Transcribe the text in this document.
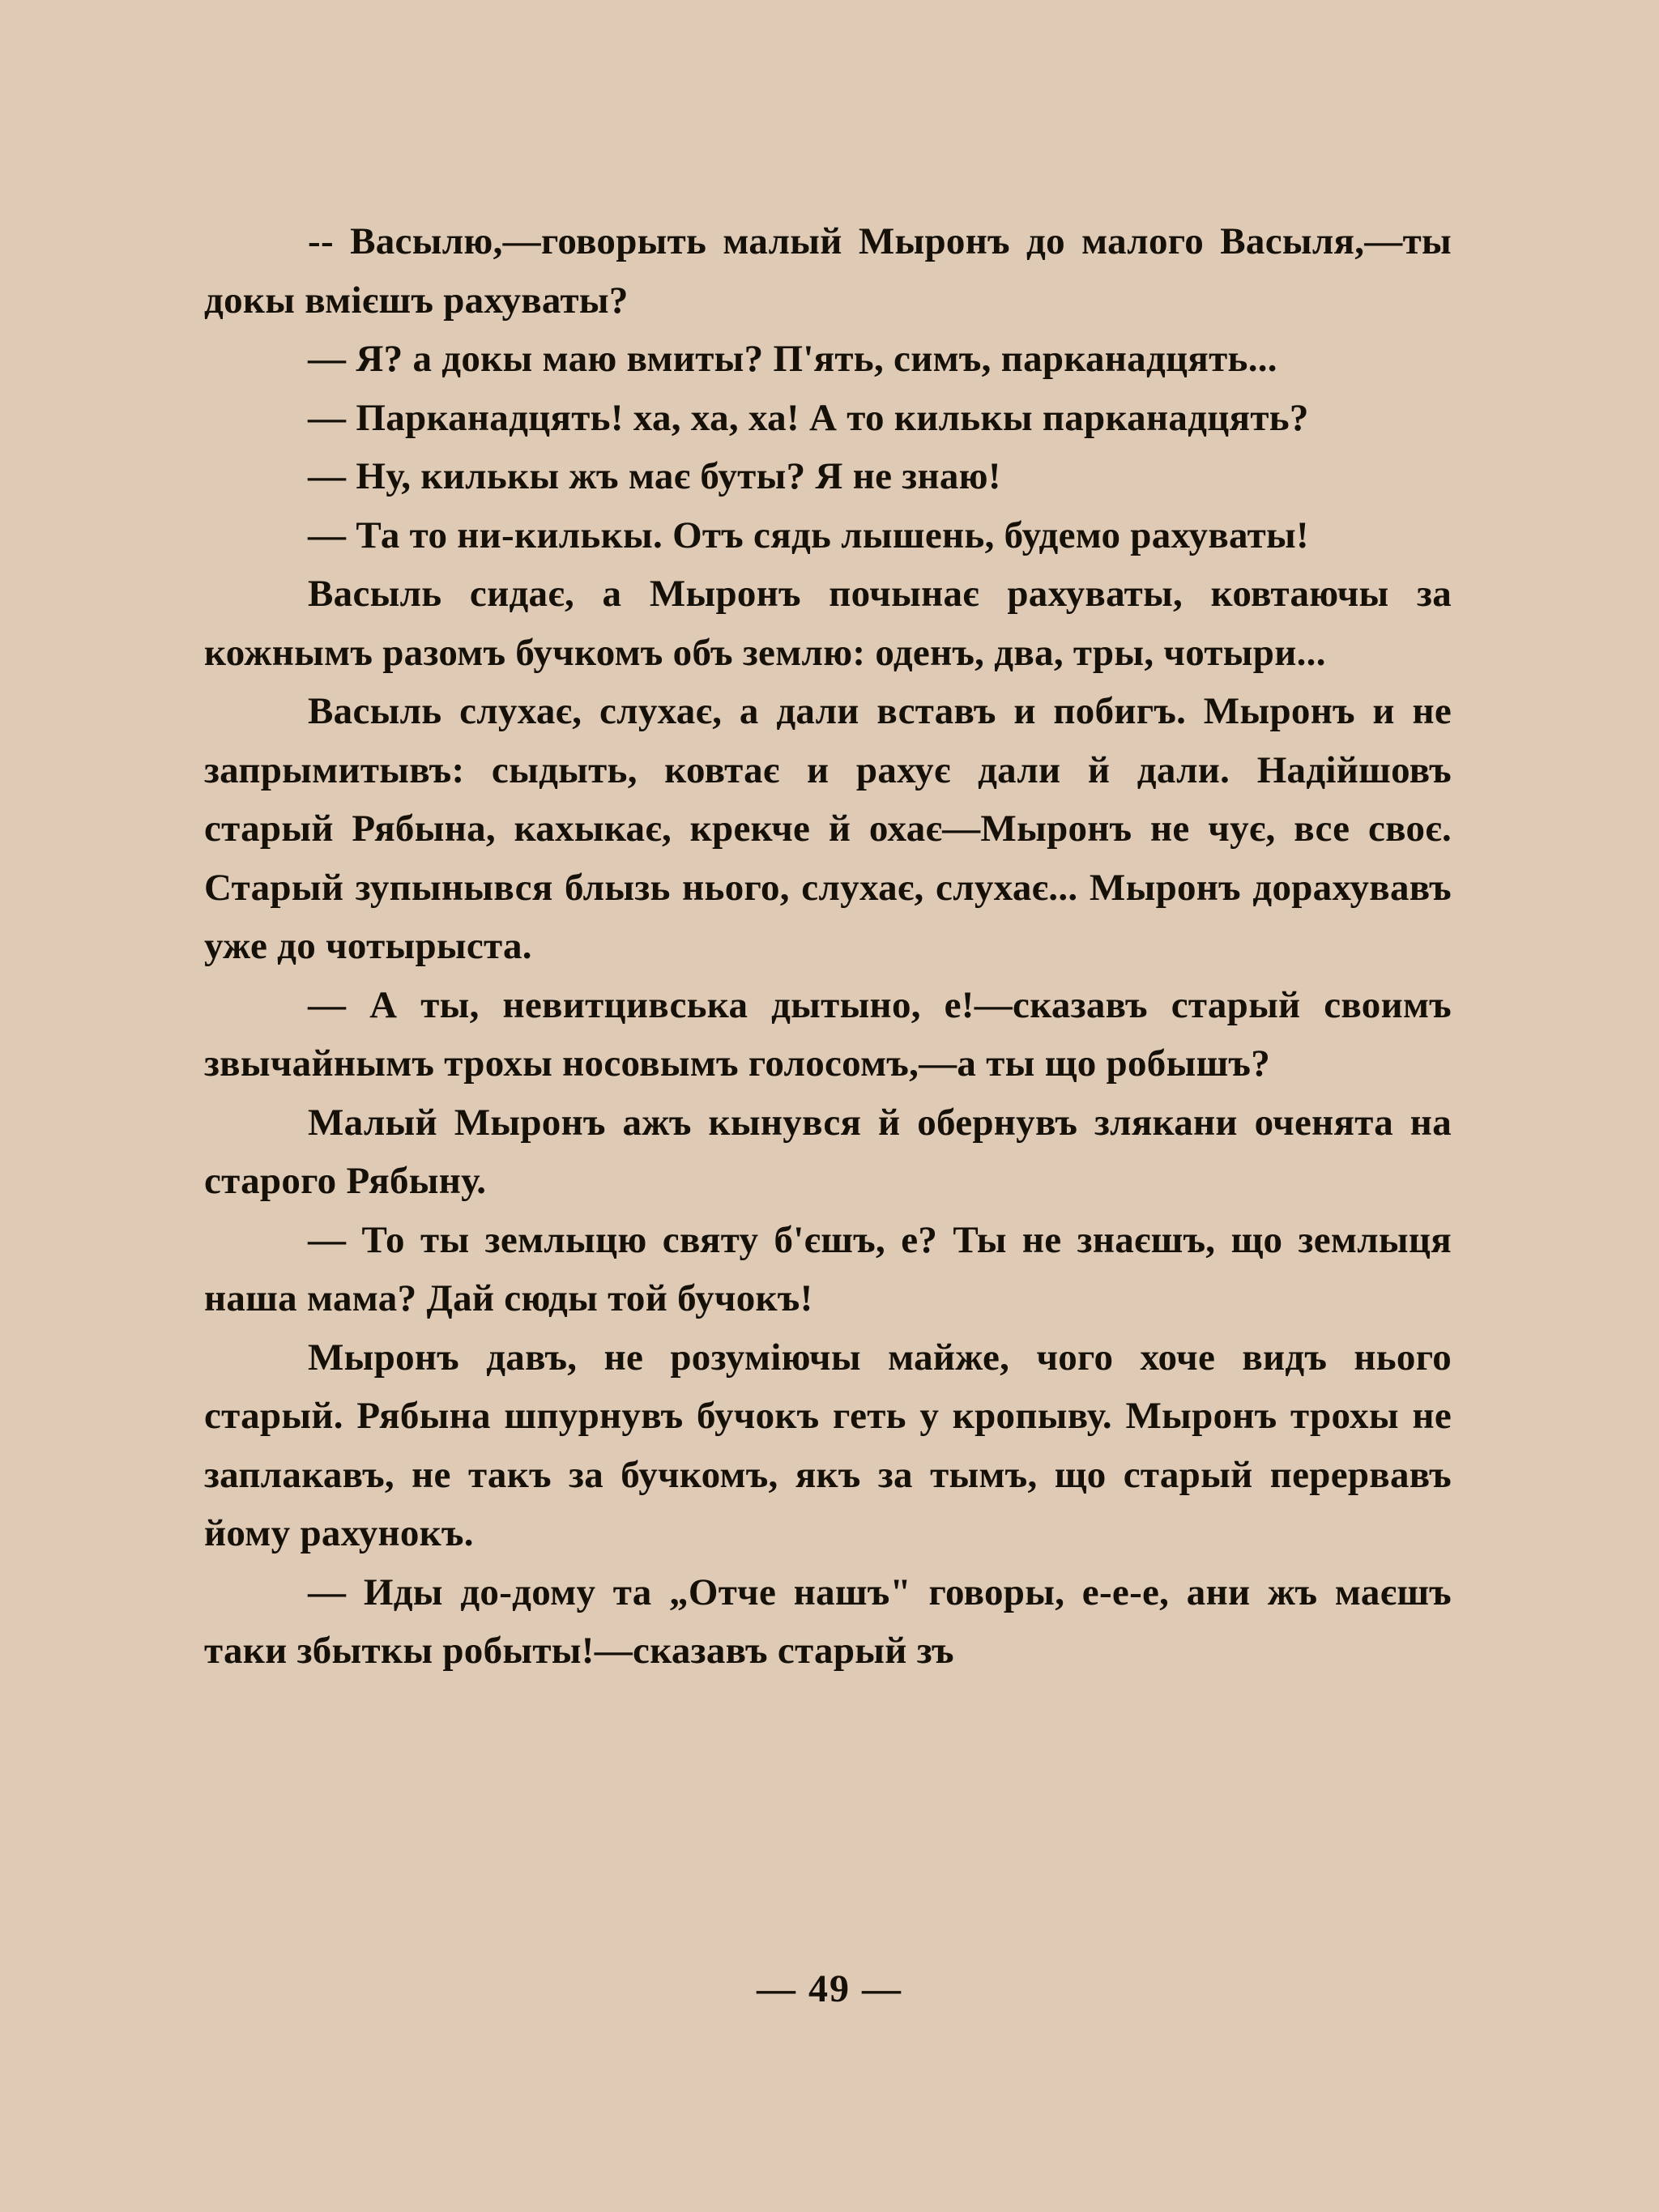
-- Васылю,—говорыть малый Мыронъ до малого Васыля,—ты докы вмієшъ рахуваты?

— Я? а докы маю вмиты? П'ять, симъ, парканадцять...

— Парканадцять! ха, ха, ха! А то килькы парканадцять?

— Ну, килькы жъ має буты? Я не знаю!

— Та то ни-килькы. Отъ сядь лышень, будемо рахуваты!

Васыль сидає, а Мыронъ почынає рахуваты, ковтаючы за кожнымъ разомъ бучкомъ объ землю: оденъ, два, тры, чотыри...

Васыль слухає, слухає, а дали вставъ и побигъ. Мыронъ и не запрымитывъ: сыдыть, ковтає и рахує дали й дали. Надійшовъ старый Рябына, кахыкає, крекче й охає—Мыронъ не чує, все своє. Старый зупынывся блызь нього, слухає, слухає... Мыронъ дорахувавъ уже до чотырыста.

— А ты, невитцивська дытыно, е!—сказавъ старый своимъ звычайнымъ трохы носовымъ голосомъ,—а ты що робышъ?

Малый Мыронъ ажъ кынувся й обернувъ злякани оченята на старого Рябыну.

— То ты землыцю святу б'єшъ, е? Ты не знаєшъ, що землыця наша мама? Дай сюды той бучокъ!

Мыронъ давъ, не розуміючы майже, чого хоче видъ нього старый. Рябына шпурнувъ бучокъ геть у кропыву. Мыронъ трохы не заплакавъ, не такъ за бучкомъ, якъ за тымъ, що старый перервавъ йому рахунокъ.

— Иды до-дому та „Отче нашъ" говоры, е-е-е, ани жъ маєшъ таки збыткы робыты!—сказавъ старый зъ

— 49 —
